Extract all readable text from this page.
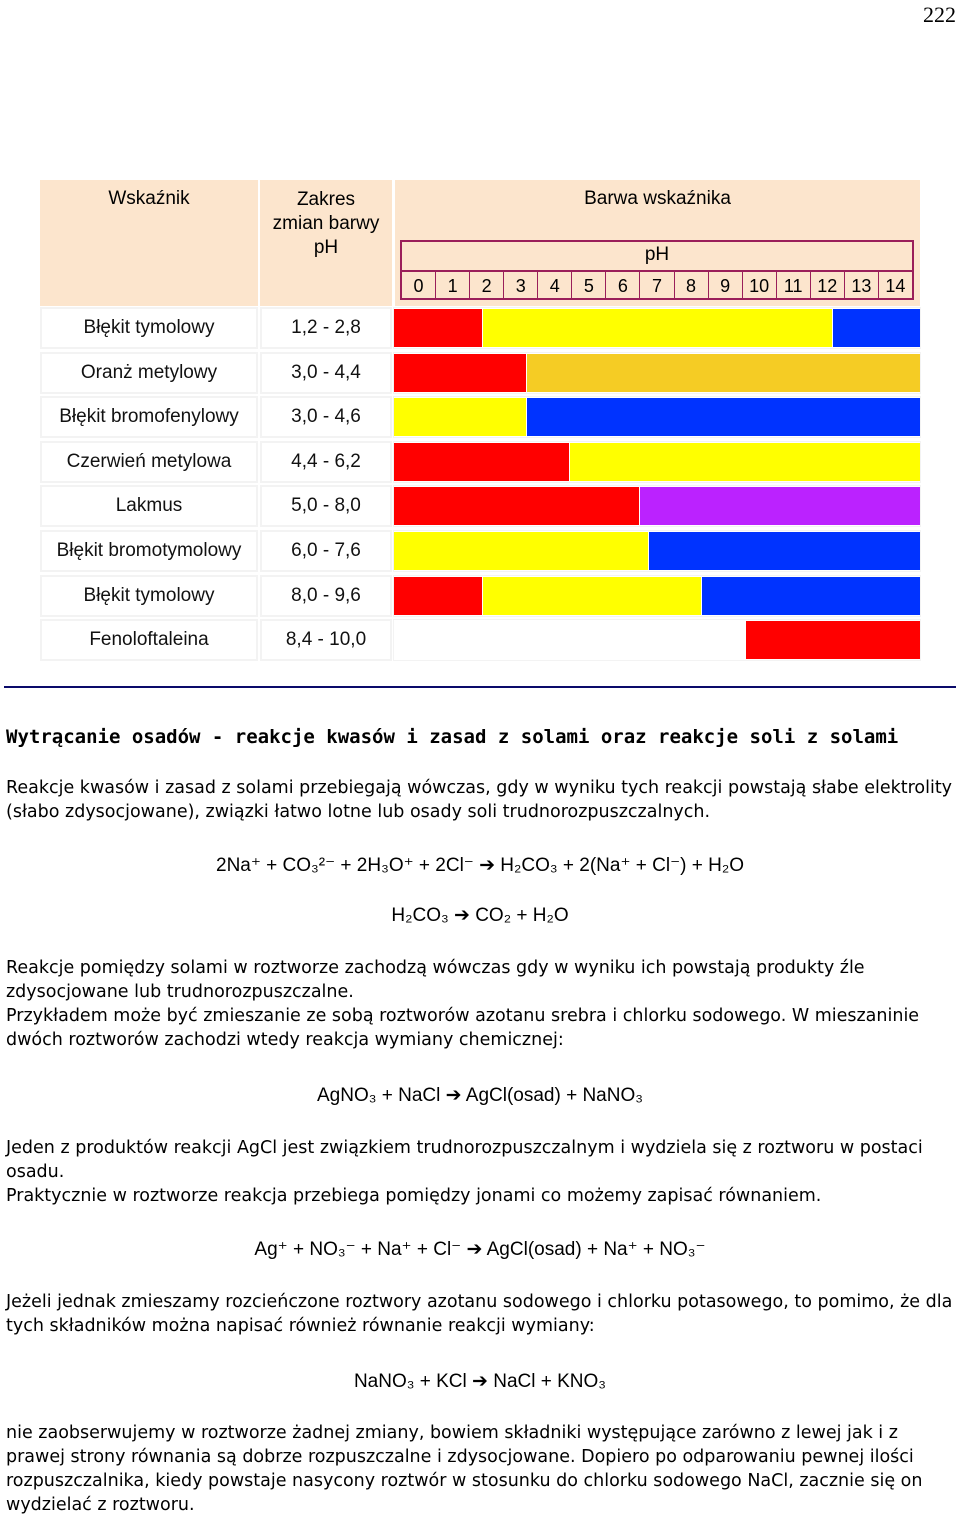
222
Wskaźnik	Zakres
zmian barwy
pH
Barwa wskaźnika
pH
0	1	2	3	4	5	6	7	8	9	10 11 12 13 14
Błękit tymolowy	1,2 - 2,8
Oranż metylowy	3,0 - 4,4
Błękit bromofenylowy	3,0 - 4,6
Czerwień metylowa	4,4 - 6,2
Lakmus	5,0 - 8,0
Błękit bromotymolowy	6,0 - 7,6
Błękit tymolowy	8,0 - 9,6
Fenoloftaleina	8,4 - 10,0
Wytrącanie osadów - reakcje kwasów i zasad z solami oraz reakcje soli z solami

Reakcje kwasów i zasad z solami przebiegają wówczas, gdy w wyniku tych reakcji powstają słabe elektrolity (słabo zdysocjowane), związki łatwo lotne lub osady soli trudnorozpuszczalnych.

2Na⁺ + CO₃²⁻ + 2H₃O⁺ + 2Cl⁻ ➔ H₂CO₃ + 2(Na⁺ + Cl⁻) + H₂O
H₂CO₃ ➔ CO₂ + H₂O

Reakcje pomiędzy solami w roztworze zachodzą wówczas gdy w wyniku ich powstają produkty źle zdysocjowane lub trudnorozpuszczalne.

Przykładem może być zmieszanie ze sobą roztworów azotanu srebra i chlorku sodowego. W mieszaninie dwóch roztworów zachodzi wtedy reakcja wymiany chemicznej:

AgNO₃ + NaCl ➔ AgCl(osad) + NaNO₃

Jeden z produktów reakcji AgCl jest związkiem trudnorozpuszczalnym i wydziela się z roztworu w postaci osadu.

Praktycznie w roztworze reakcja przebiega pomiędzy jonami co możemy zapisać równaniem.

Ag⁺ + NO₃⁻ + Na⁺ + Cl⁻ ➔ AgCl(osad) + Na⁺ + NO₃⁻

Jeżeli jednak zmieszamy rozcieńczone roztwory azotanu sodowego i chlorku potasowego, to pomimo, że dla tych składników można napisać również równanie reakcji wymiany:

NaNO₃ + KCl ➔ NaCl + KNO₃

nie zaobserwujemy w roztworze żadnej zmiany, bowiem składniki występujące zarówno z lewej jak i z prawej strony równania są dobrze rozpuszczalne i zdysocjowane. Dopiero po odparowaniu pewnej ilości rozpuszczalnika, kiedy powstaje nasycony roztwór w stosunku do chlorku sodowego NaCl, zacznie się on wydzielać z roztworu.
